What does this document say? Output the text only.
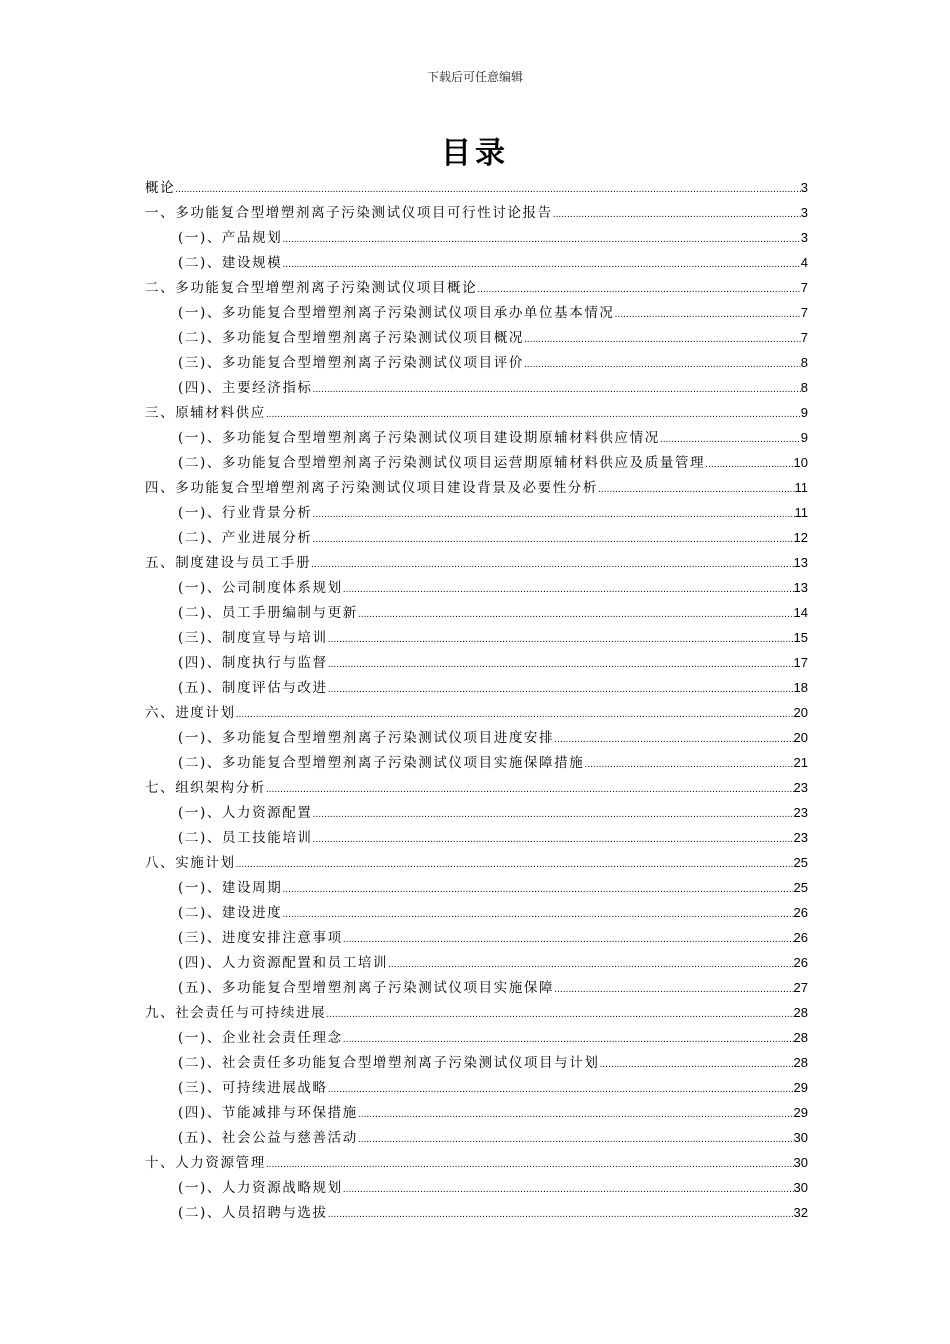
下载后可任意编辑
目录
概论 .....	3
一、多功能复合型增塑剂离子污染测试仪项目可行性讨论报告 .....	3
(一)、产品规划 .....	3
(二)、建设规模 .....	4
二、多功能复合型增塑剂离子污染测试仪项目概论 .....	7
(一)、多功能复合型增塑剂离子污染测试仪项目承办单位基本情况 .....	7
(二)、多功能复合型增塑剂离子污染测试仪项目概况 .....	7
(三)、多功能复合型增塑剂离子污染测试仪项目评价 .....	8
(四)、主要经济指标 .....	8
三、原辅材料供应 .....	9
(一)、多功能复合型增塑剂离子污染测试仪项目建设期原辅材料供应情况 .....	9
(二)、多功能复合型增塑剂离子污染测试仪项目运营期原辅材料供应及质量管理 .....	10
四、多功能复合型增塑剂离子污染测试仪项目建设背景及必要性分析 .....	11
(一)、行业背景分析 .....	11
(二)、产业进展分析 .....	12
五、制度建设与员工手册 .....	13
(一)、公司制度体系规划 .....	13
(二)、员工手册编制与更新 .....	14
(三)、制度宣导与培训 .....	15
(四)、制度执行与监督 .....	17
(五)、制度评估与改进 .....	18
六、进度计划 .....	20
(一)、多功能复合型增塑剂离子污染测试仪项目进度安排 .....	20
(二)、多功能复合型增塑剂离子污染测试仪项目实施保障措施 .....	21
七、组织架构分析 .....	23
(一)、人力资源配置 .....	23
(二)、员工技能培训 .....	23
八、实施计划 .....	25
(一)、建设周期 .....	25
(二)、建设进度 .....	26
(三)、进度安排注意事项 .....	26
(四)、人力资源配置和员工培训 .....	26
(五)、多功能复合型增塑剂离子污染测试仪项目实施保障 .....	27
九、社会责任与可持续进展 .....	28
(一)、企业社会责任理念 .....	28
(二)、社会责任多功能复合型增塑剂离子污染测试仪项目与计划 .....	28
(三)、可持续进展战略 .....	29
(四)、节能减排与环保措施 .....	29
(五)、社会公益与慈善活动 .....	30
十、人力资源管理 .....	30
(一)、人力资源战略规划 .....	30
(二)、人员招聘与选拔 .....	32
